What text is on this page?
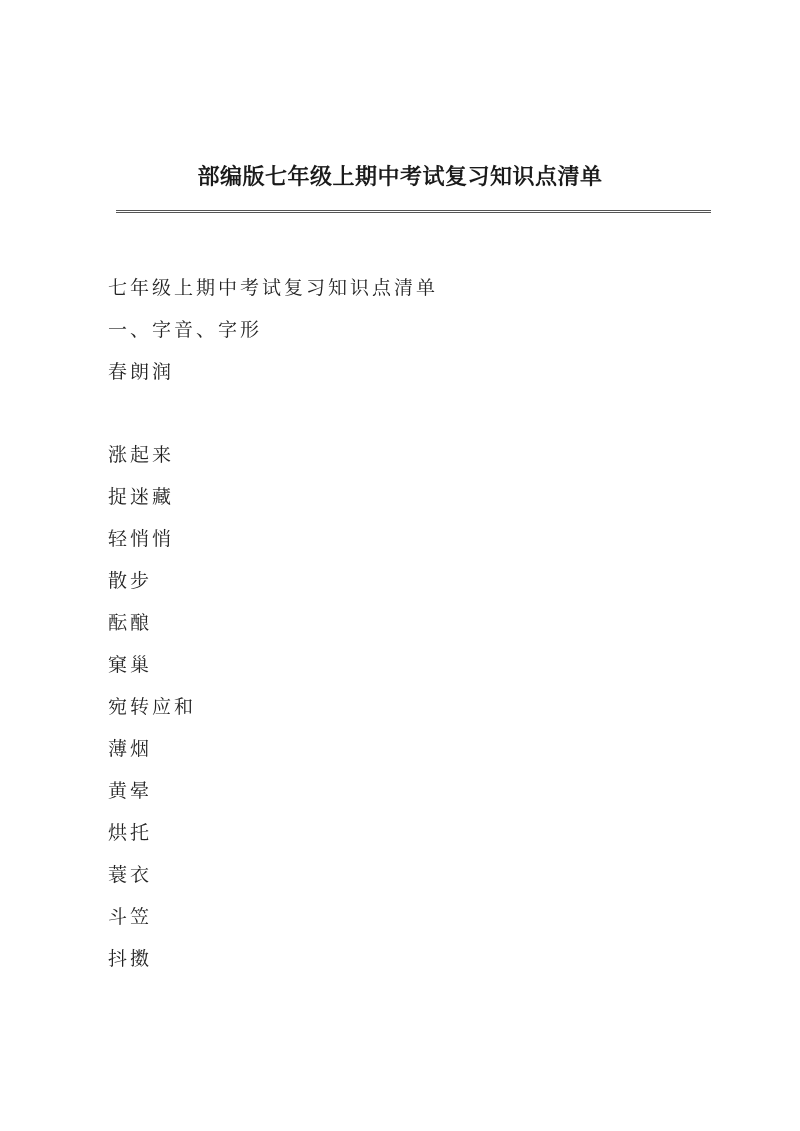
部编版七年级上期中考试复习知识点清单
七年级上期中考试复习知识点清单
一、字音、字形
春朗润
涨起来
捉迷藏
轻悄悄
散步
酝酿
窠巢
宛转应和
薄烟
黄晕
烘托
蓑衣
斗笠
抖擞
